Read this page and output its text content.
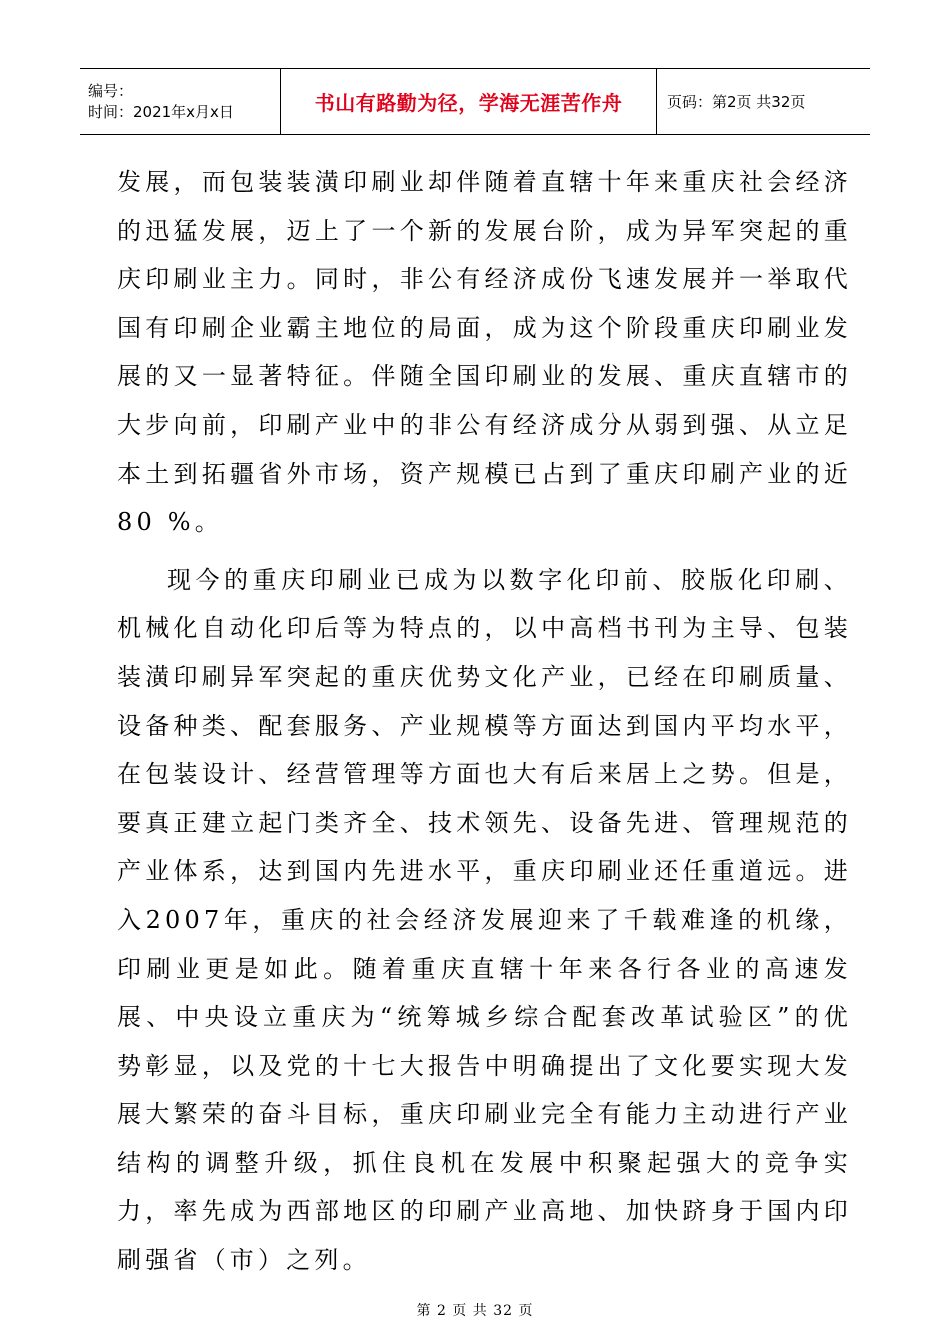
编号：
时间：2021年x月x日	书山有路勤为径，学海无涯苦作舟	页码：第2页 共32页

发展，而包装装潢印刷业却伴随着直辖十年来重庆社会经济的迅猛发展，迈上了一个新的发展台阶，成为异军突起的重庆印刷业主力。同时，非公有经济成份飞速发展并一举取代国有印刷企业霸主地位的局面，成为这个阶段重庆印刷业发展的又一显著特征。伴随全国印刷业的发展、重庆直辖市的大步向前，印刷产业中的非公有经济成分从弱到强、从立足本土到拓疆省外市场，资产规模已占到了重庆印刷产业的近80 %。

现今的重庆印刷业已成为以数字化印前、胶版化印刷、机械化自动化印后等为特点的，以中高档书刊为主导、包装装潢印刷异军突起的重庆优势文化产业，已经在印刷质量、设备种类、配套服务、产业规模等方面达到国内平均水平，在包装设计、经营管理等方面也大有后来居上之势。但是，要真正建立起门类齐全、技术领先、设备先进、管理规范的产业体系，达到国内先进水平，重庆印刷业还任重道远。进入2007年，重庆的社会经济发展迎来了千载难逢的机缘，印刷业更是如此。随着重庆直辖十年来各行各业的高速发展、中央设立重庆为“统筹城乡综合配套改革试验区”的优势彰显，以及党的十七大报告中明确提出了文化要实现大发展大繁荣的奋斗目标，重庆印刷业完全有能力主动进行产业结构的调整升级，抓住良机在发展中积聚起强大的竞争实力，率先成为西部地区的印刷产业高地、加快跻身于国内印刷强省（市）之列。

第 2 页 共 32 页
